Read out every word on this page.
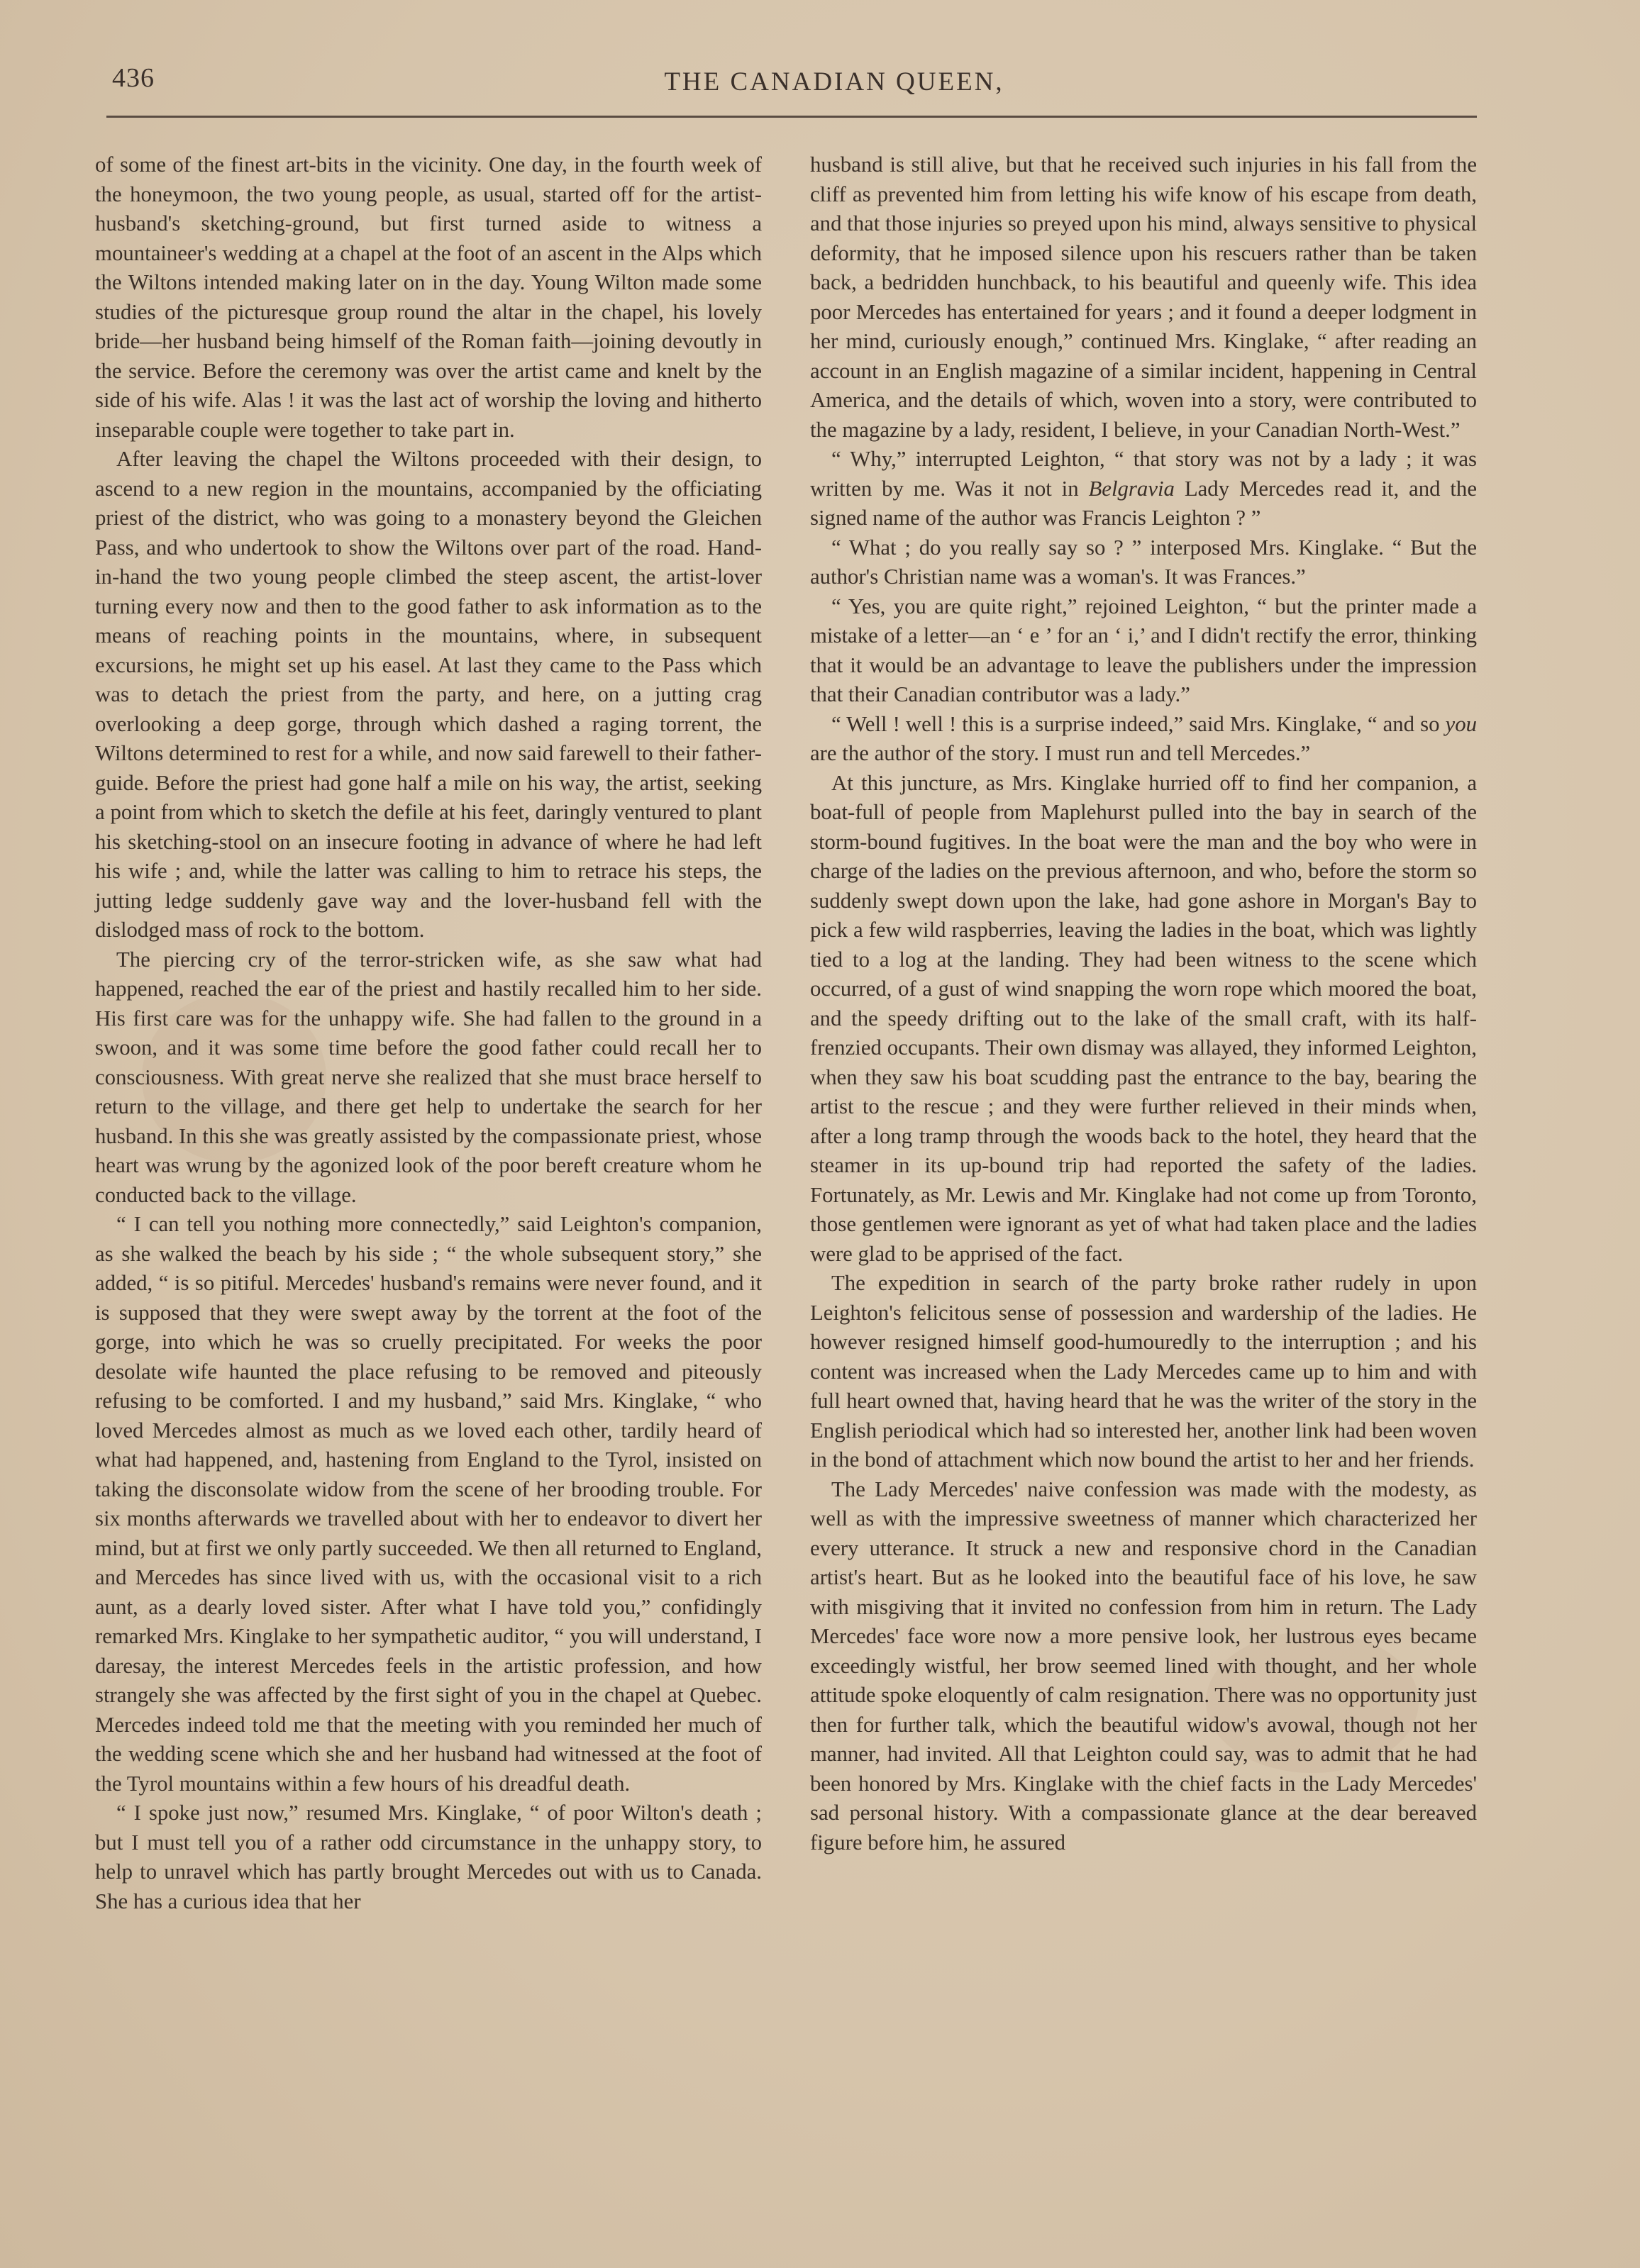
436	THE CANADIAN QUEEN,

of some of the finest art-bits in the vicinity. One day, in the fourth week of the honeymoon, the two young people, as usual, started off for the artist-husband's sketching-ground, but first turned aside to witness a mountaineer's wedding at a chapel at the foot of an ascent in the Alps which the Wiltons intended making later on in the day. Young Wilton made some studies of the picturesque group round the altar in the chapel, his lovely bride—her husband being himself of the Roman faith—joining devoutly in the service. Before the ceremony was over the artist came and knelt by the side of his wife. Alas ! it was the last act of worship the loving and hitherto inseparable couple were together to take part in.

After leaving the chapel the Wiltons proceeded with their design, to ascend to a new region in the mountains, accompanied by the officiating priest of the district, who was going to a monastery beyond the Gleichen Pass, and who undertook to show the Wiltons over part of the road. Hand-in-hand the two young people climbed the steep ascent, the artist-lover turning every now and then to the good father to ask information as to the means of reaching points in the mountains, where, in subsequent excursions, he might set up his easel. At last they came to the Pass which was to detach the priest from the party, and here, on a jutting crag overlooking a deep gorge, through which dashed a raging torrent, the Wiltons determined to rest for a while, and now said farewell to their father-guide. Before the priest had gone half a mile on his way, the artist, seeking a point from which to sketch the defile at his feet, daringly ventured to plant his sketching-stool on an insecure footing in advance of where he had left his wife ; and, while the latter was calling to him to retrace his steps, the jutting ledge suddenly gave way and the lover-husband fell with the dislodged mass of rock to the bottom.

The piercing cry of the terror-stricken wife, as she saw what had happened, reached the ear of the priest and hastily recalled him to her side. His first care was for the unhappy wife. She had fallen to the ground in a swoon, and it was some time before the good father could recall her to consciousness. With great nerve she realized that she must brace herself to return to the village, and there get help to undertake the search for her husband. In this she was greatly assisted by the compassionate priest, whose heart was wrung by the agonized look of the poor bereft creature whom he conducted back to the village.

“ I can tell you nothing more connectedly,” said Leighton's companion, as she walked the beach by his side ; “ the whole subsequent story,” she added, “ is so pitiful. Mercedes' husband's remains were never found, and it is supposed that they were swept away by the torrent at the foot of the gorge, into which he was so cruelly precipitated. For weeks the poor desolate wife haunted the place refusing to be removed and piteously refusing to be comforted. I and my husband,” said Mrs. Kinglake, “ who loved Mercedes almost as much as we loved each other, tardily heard of what had happened, and, hastening from England to the Tyrol, insisted on taking the disconsolate widow from the scene of her brooding trouble. For six months afterwards we travelled about with her to endeavor to divert her mind, but at first we only partly succeeded. We then all returned to England, and Mercedes has since lived with us, with the occasional visit to a rich aunt, as a dearly loved sister. After what I have told you,” confidingly remarked Mrs. Kinglake to her sympathetic auditor, “ you will understand, I daresay, the interest Mercedes feels in the artistic profession, and how strangely she was affected by the first sight of you in the chapel at Quebec. Mercedes indeed told me that the meeting with you reminded her much of the wedding scene which she and her husband had witnessed at the foot of the Tyrol mountains within a few hours of his dreadful death.

“ I spoke just now,” resumed Mrs. Kinglake, “ of poor Wilton's death ; but I must tell you of a rather odd circumstance in the unhappy story, to help to unravel which has partly brought Mercedes out with us to Canada. She has a curious idea that her

husband is still alive, but that he received such injuries in his fall from the cliff as prevented him from letting his wife know of his escape from death, and that those injuries so preyed upon his mind, always sensitive to physical deformity, that he imposed silence upon his rescuers rather than be taken back, a bedridden hunchback, to his beautiful and queenly wife. This idea poor Mercedes has entertained for years ; and it found a deeper lodgment in her mind, curiously enough,” continued Mrs. Kinglake, “ after reading an account in an English magazine of a similar incident, happening in Central America, and the details of which, woven into a story, were contributed to the magazine by a lady, resident, I believe, in your Canadian North-West.”

“ Why,” interrupted Leighton, “ that story was not by a lady ; it was written by me. Was it not in Belgravia Lady Mercedes read it, and the signed name of the author was Francis Leighton ? ”

“ What ; do you really say so ? ” interposed Mrs. Kinglake. “ But the author's Christian name was a woman's. It was Frances.”

“ Yes, you are quite right,” rejoined Leighton, “ but the printer made a mistake of a letter—an ‘ e ’ for an ‘ i,’ and I didn't rectify the error, thinking that it would be an advantage to leave the publishers under the impression that their Canadian contributor was a lady.”

“ Well ! well ! this is a surprise indeed,” said Mrs. Kinglake, “ and so you are the author of the story. I must run and tell Mercedes.”

At this juncture, as Mrs. Kinglake hurried off to find her companion, a boat-full of people from Maplehurst pulled into the bay in search of the storm-bound fugitives. In the boat were the man and the boy who were in charge of the ladies on the previous afternoon, and who, before the storm so suddenly swept down upon the lake, had gone ashore in Morgan's Bay to pick a few wild raspberries, leaving the ladies in the boat, which was lightly tied to a log at the landing. They had been witness to the scene which occurred, of a gust of wind snapping the worn rope which moored the boat, and the speedy drifting out to the lake of the small craft, with its half-frenzied occupants. Their own dismay was allayed, they informed Leighton, when they saw his boat scudding past the entrance to the bay, bearing the artist to the rescue ; and they were further relieved in their minds when, after a long tramp through the woods back to the hotel, they heard that the steamer in its up-bound trip had reported the safety of the ladies. Fortunately, as Mr. Lewis and Mr. Kinglake had not come up from Toronto, those gentlemen were ignorant as yet of what had taken place and the ladies were glad to be apprised of the fact.

The expedition in search of the party broke rather rudely in upon Leighton's felicitous sense of possession and wardership of the ladies. He however resigned himself good-humouredly to the interruption ; and his content was increased when the Lady Mercedes came up to him and with full heart owned that, having heard that he was the writer of the story in the English periodical which had so interested her, another link had been woven in the bond of attachment which now bound the artist to her and her friends.

The Lady Mercedes' naive confession was made with the modesty, as well as with the impressive sweetness of manner which characterized her every utterance. It struck a new and responsive chord in the Canadian artist's heart. But as he looked into the beautiful face of his love, he saw with misgiving that it invited no confession from him in return. The Lady Mercedes' face wore now a more pensive look, her lustrous eyes became exceedingly wistful, her brow seemed lined with thought, and her whole attitude spoke eloquently of calm resignation. There was no opportunity just then for further talk, which the beautiful widow's avowal, though not her manner, had invited. All that Leighton could say, was to admit that he had been honored by Mrs. Kinglake with the chief facts in the Lady Mercedes' sad personal history. With a compassionate glance at the dear bereaved figure before him, he assured
